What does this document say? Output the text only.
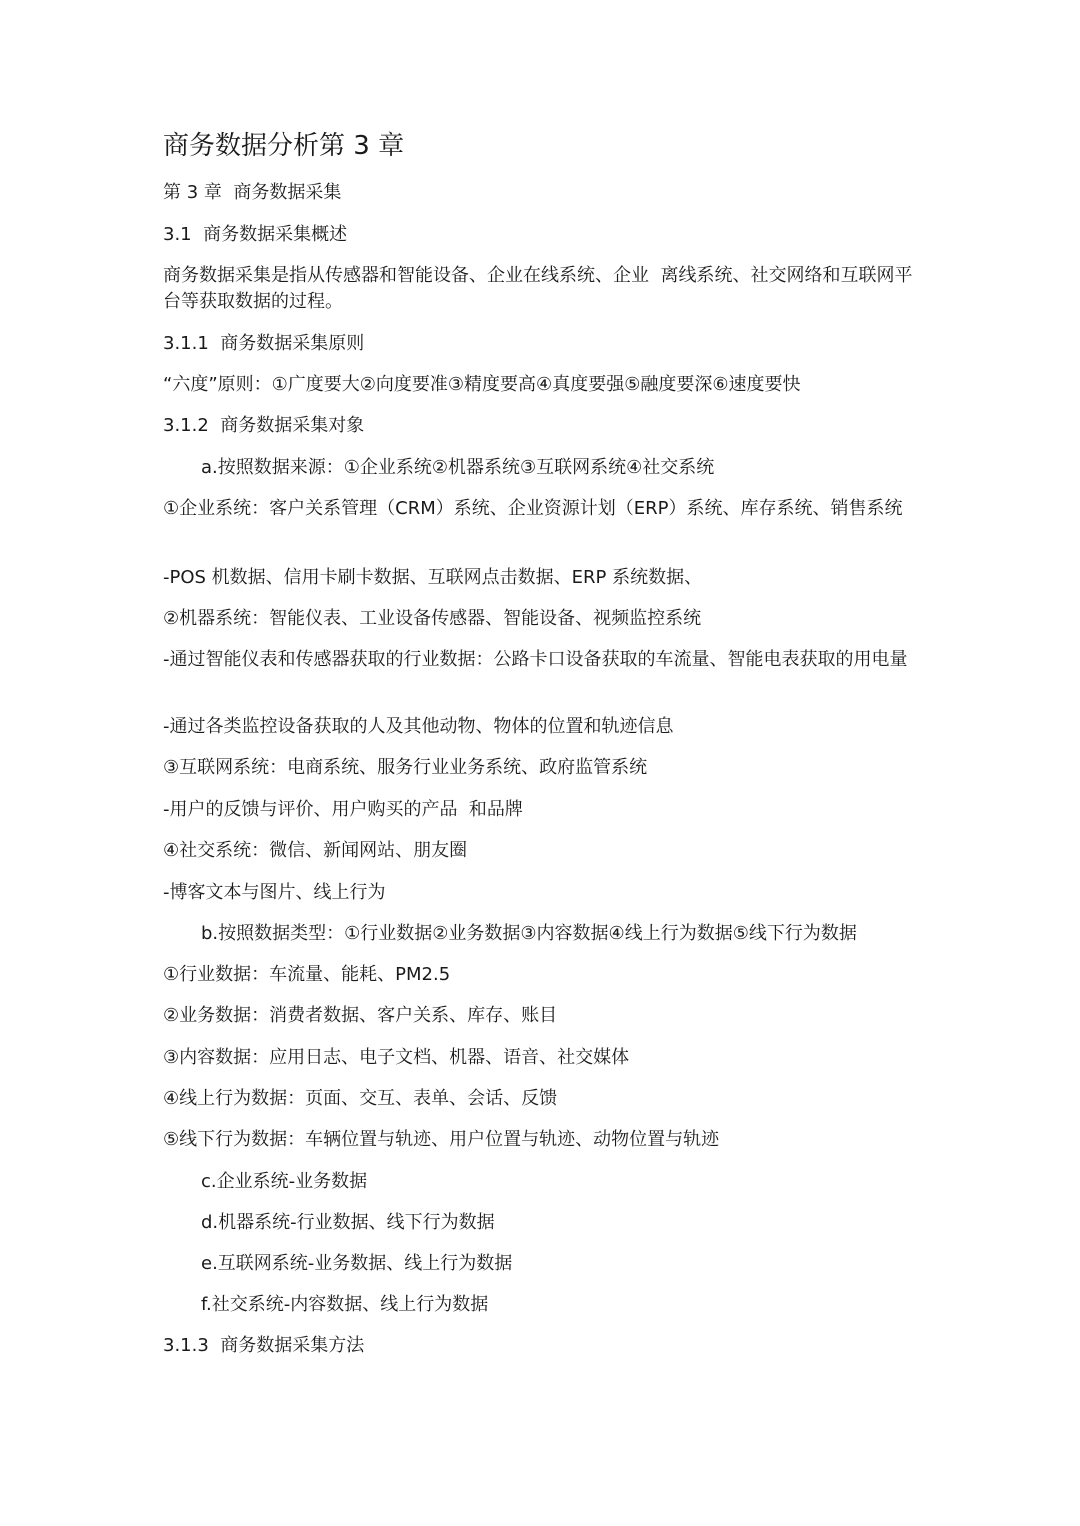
商务数据分析第 3 章
第 3 章  商务数据采集
3.1  商务数据采集概述
商务数据采集是指从传感器和智能设备、企业在线系统、企业  离线系统、社交网络和互联网平台等获取数据的过程。
3.1.1  商务数据采集原则
“六度”原则：①广度要大②向度要准③精度要高④真度要强⑤融度要深⑥速度要快
3.1.2  商务数据采集对象
a.按照数据来源：①企业系统②机器系统③互联网系统④社交系统
①企业系统：客户关系管理（CRM）系统、企业资源计划（ERP）系统、库存系统、销售系统
-POS 机数据、信用卡刷卡数据、互联网点击数据、ERP 系统数据、
②机器系统：智能仪表、工业设备传感器、智能设备、视频监控系统
-通过智能仪表和传感器获取的行业数据：公路卡口设备获取的车流量、智能电表获取的用电量
-通过各类监控设备获取的人及其他动物、物体的位置和轨迹信息
③互联网系统：电商系统、服务行业业务系统、政府监管系统
-用户的反馈与评价、用户购买的产品  和品牌
④社交系统：微信、新闻网站、朋友圈
-博客文本与图片、线上行为
b.按照数据类型：①行业数据②业务数据③内容数据④线上行为数据⑤线下行为数据
①行业数据：车流量、能耗、PM2.5
②业务数据：消费者数据、客户关系、库存、账目
③内容数据：应用日志、电子文档、机器、语音、社交媒体
④线上行为数据：页面、交互、表单、会话、反馈
⑤线下行为数据：车辆位置与轨迹、用户位置与轨迹、动物位置与轨迹
c.企业系统-业务数据
d.机器系统-行业数据、线下行为数据
e.互联网系统-业务数据、线上行为数据
f.社交系统-内容数据、线上行为数据
3.1.3  商务数据采集方法
